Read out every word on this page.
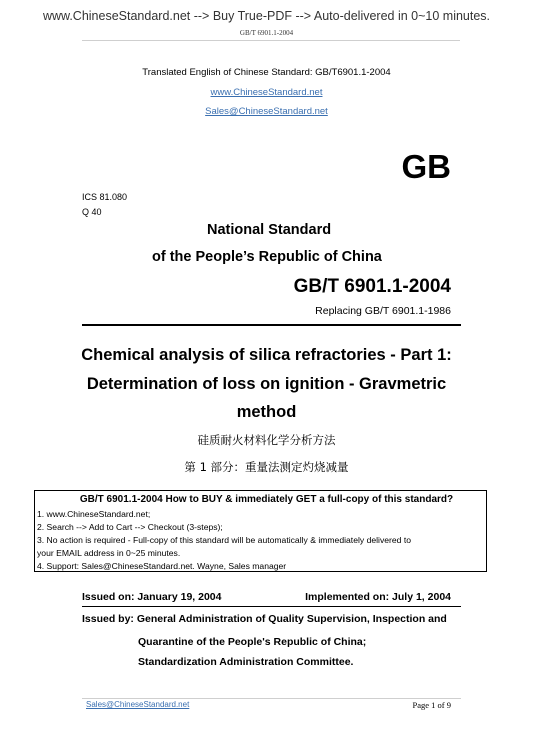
www.ChineseStandard.net --> Buy True-PDF --> Auto-delivered in 0~10 minutes.
GB/T 6901.1-2004
Translated English of Chinese Standard: GB/T6901.1-2004
www.ChineseStandard.net
Sales@ChineseStandard.net
GB
ICS 81.080
Q 40
National Standard
of the People’s Republic of China
GB/T 6901.1-2004
Replacing GB/T 6901.1-1986
Chemical analysis of silica refractories - Part 1:
Determination of loss on ignition - Gravmetric
method
硅质耐火材料化学分析方法
第 1 部分：重量法测定灼烧减量
GB/T 6901.1-2004 How to BUY & immediately GET a full-copy of this standard?
1. www.ChineseStandard.net;
2. Search --> Add to Cart --> Checkout (3-steps);
3. No action is required - Full-copy of this standard will be automatically & immediately delivered to
your EMAIL address in 0~25 minutes.
4. Support: Sales@ChineseStandard.net. Wayne, Sales manager
Issued on: January 19, 2004	Implemented on: July 1, 2004
Issued by: General Administration of Quality Supervision, Inspection and
Quarantine of the People's Republic of China;
Standardization Administration Committee.
Sales@ChineseStandard.net	Page 1 of 9
